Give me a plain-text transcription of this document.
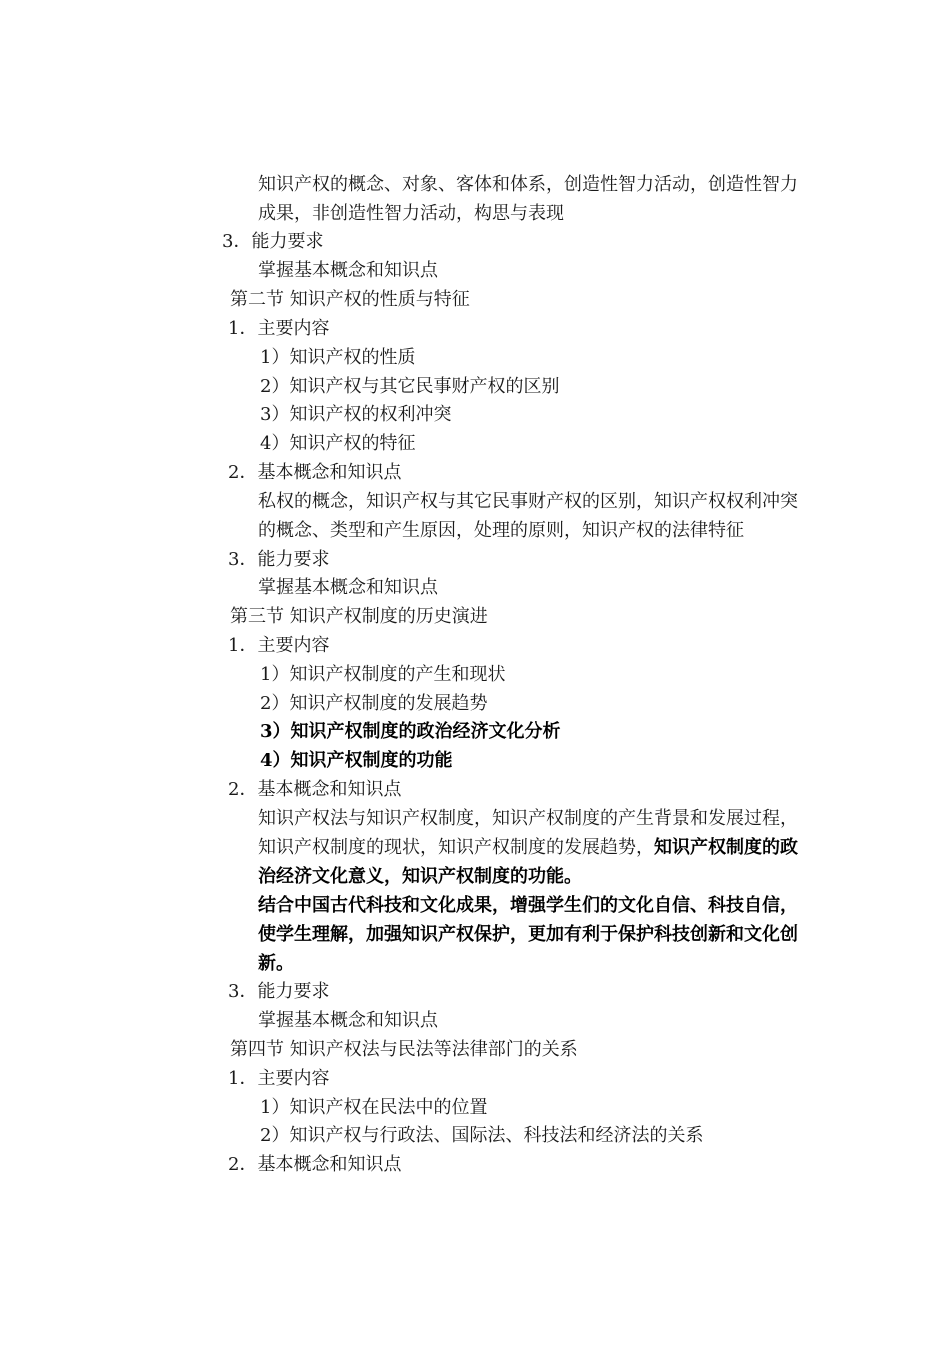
知识产权的概念、对象、客体和体系，创造性智力活动，创造性智力
成果，非创造性智力活动，构思与表现
3．能力要求
掌握基本概念和知识点
第二节 知识产权的性质与特征
1．主要内容
1）知识产权的性质
2）知识产权与其它民事财产权的区别
3）知识产权的权利冲突
4）知识产权的特征
2．基本概念和知识点
私权的概念，知识产权与其它民事财产权的区别，知识产权权利冲突
的概念、类型和产生原因，处理的原则，知识产权的法律特征
3．能力要求
掌握基本概念和知识点
第三节 知识产权制度的历史演进
1．主要内容
1）知识产权制度的产生和现状
2）知识产权制度的发展趋势
3）知识产权制度的政治经济文化分析
4）知识产权制度的功能
2．基本概念和知识点
知识产权法与知识产权制度，知识产权制度的产生背景和发展过程，
知识产权制度的现状，知识产权制度的发展趋势，知识产权制度的政
治经济文化意义，知识产权制度的功能。
结合中国古代科技和文化成果，增强学生们的文化自信、科技自信，
使学生理解，加强知识产权保护，更加有利于保护科技创新和文化创
新。
3．能力要求
掌握基本概念和知识点
第四节 知识产权法与民法等法律部门的关系
1．主要内容
1）知识产权在民法中的位置
2）知识产权与行政法、国际法、科技法和经济法的关系
2．基本概念和知识点
